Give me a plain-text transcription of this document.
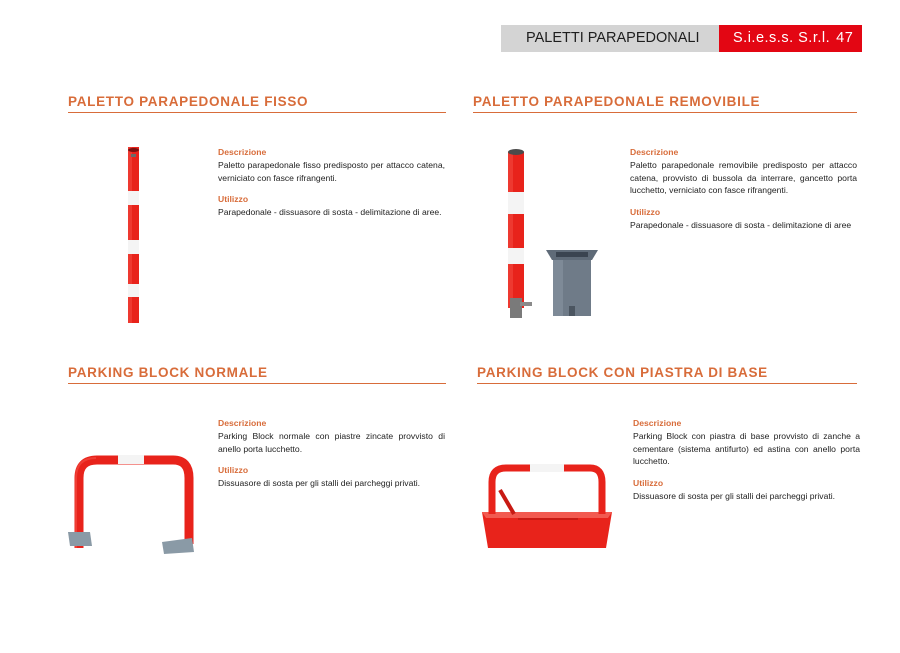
PALETTI PARAPEDONALI	S.i.e.s.s. S.r.l. 47
PALETTO PARAPEDONALE FISSO

Descrizione
Paletto parapedonale fisso predisposto per attacco catena, verniciato con fasce rifrangenti.

Utilizzo
Parapedonale - dissuasore di sosta - delimitazione di aree.

PALETTO PARAPEDONALE REMOVIBILE

Descrizione
Paletto parapedonale removibile predisposto per attacco catena, provvisto di bussola da interrare, gancetto porta lucchetto, verniciato con fasce rifrangenti.

Utilizzo
Parapedonale - dissuasore di sosta - delimitazione di aree

PARKING BLOCK NORMALE

Descrizione
Parking Block normale con piastre zincate provvisto di anello porta lucchetto.

Utilizzo
Dissuasore di sosta per gli stalli dei parcheggi privati.

PARKING BLOCK CON PIASTRA DI BASE

Descrizione
Parking Block con piastra di base provvisto di zanche a cementare (sistema antifurto) ed astina con anello porta lucchetto.

Utilizzo
Dissuasore di sosta per gli stalli dei parcheggi privati.
